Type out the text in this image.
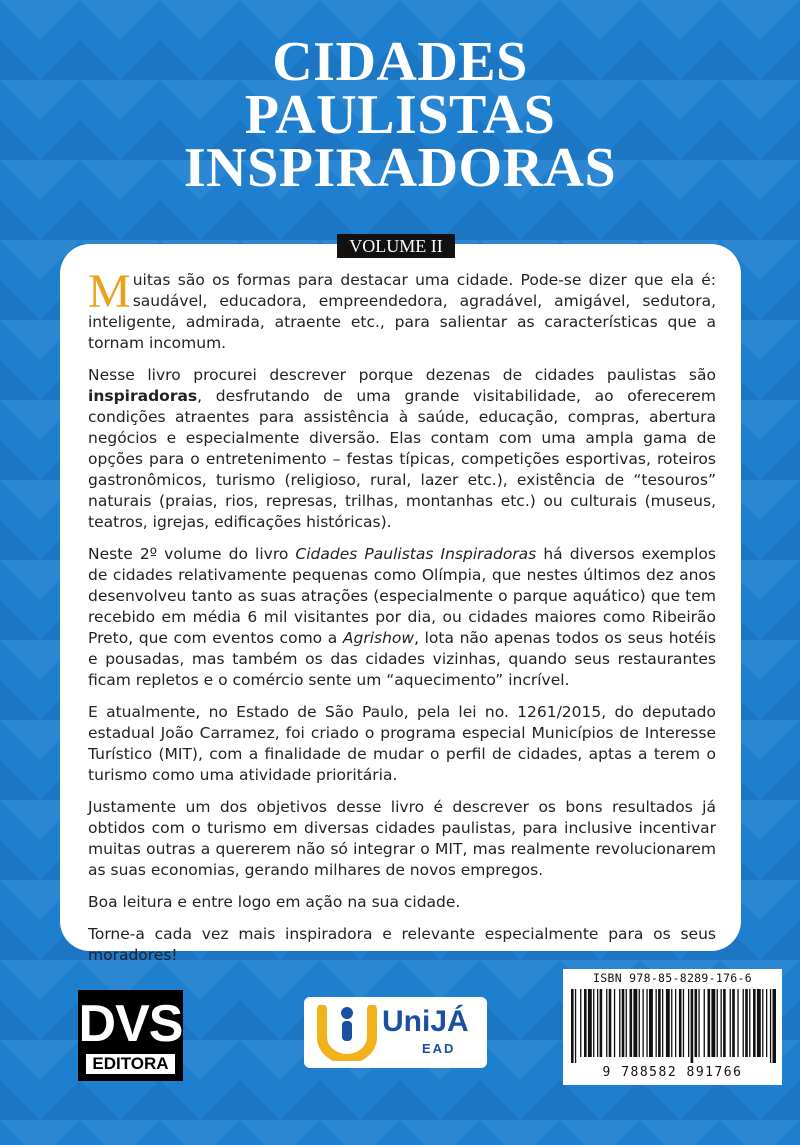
CIDADES
PAULISTAS
INSPIRADORAS
VOLUME II

Muitas são os formas para destacar uma cidade. Pode-se dizer que ela é: saudável, educadora, empreendedora, agradável, amigável, sedutora, inteligente, admirada, atraente etc., para salientar as características que a tornam incomum.

Nesse livro procurei descrever porque dezenas de cidades paulistas são inspiradoras, desfrutando de uma grande visitabilidade, ao oferecerem condições atraentes para assistência à saúde, educação, compras, abertura negócios e especialmente diversão. Elas contam com uma ampla gama de opções para o entretenimento – festas típicas, competições esportivas, roteiros gastronômicos, turismo (religioso, rural, lazer etc.), existência de “tesouros” naturais (praias, rios, represas, trilhas, montanhas etc.) ou culturais (museus, teatros, igrejas, edificações históricas).

Neste 2º volume do livro Cidades Paulistas Inspiradoras há diversos exemplos de cidades relativamente pequenas como Olímpia, que nestes últimos dez anos desenvolveu tanto as suas atrações (especialmente o parque aquático) que tem recebido em média 6 mil visitantes por dia, ou cidades maiores como Ribeirão Preto, que com eventos como a Agrishow, lota não apenas todos os seus hotéis e pousadas, mas também os das cidades vizinhas, quando seus restaurantes ficam repletos e o comércio sente um “aquecimento” incrível.

E atualmente, no Estado de São Paulo, pela lei no. 1261/2015, do deputado estadual João Carramez, foi criado o programa especial Municípios de Interesse Turístico (MIT), com a finalidade de mudar o perfil de cidades, aptas a terem o turismo como uma atividade prioritária.

Justamente um dos objetivos desse livro é descrever os bons resultados já obtidos com o turismo em diversas cidades paulistas, para inclusive incentivar muitas outras a quererem não só integrar o MIT, mas realmente revolucionarem as suas economias, gerando milhares de novos empregos.

Boa leitura e entre logo em ação na sua cidade.

Torne-a cada vez mais inspiradora e relevante especialmente para os seus moradores!

DVS
EDITORA
UniJÁ
EAD
ISBN 978-85-8289-176-6
9 788582 891766
